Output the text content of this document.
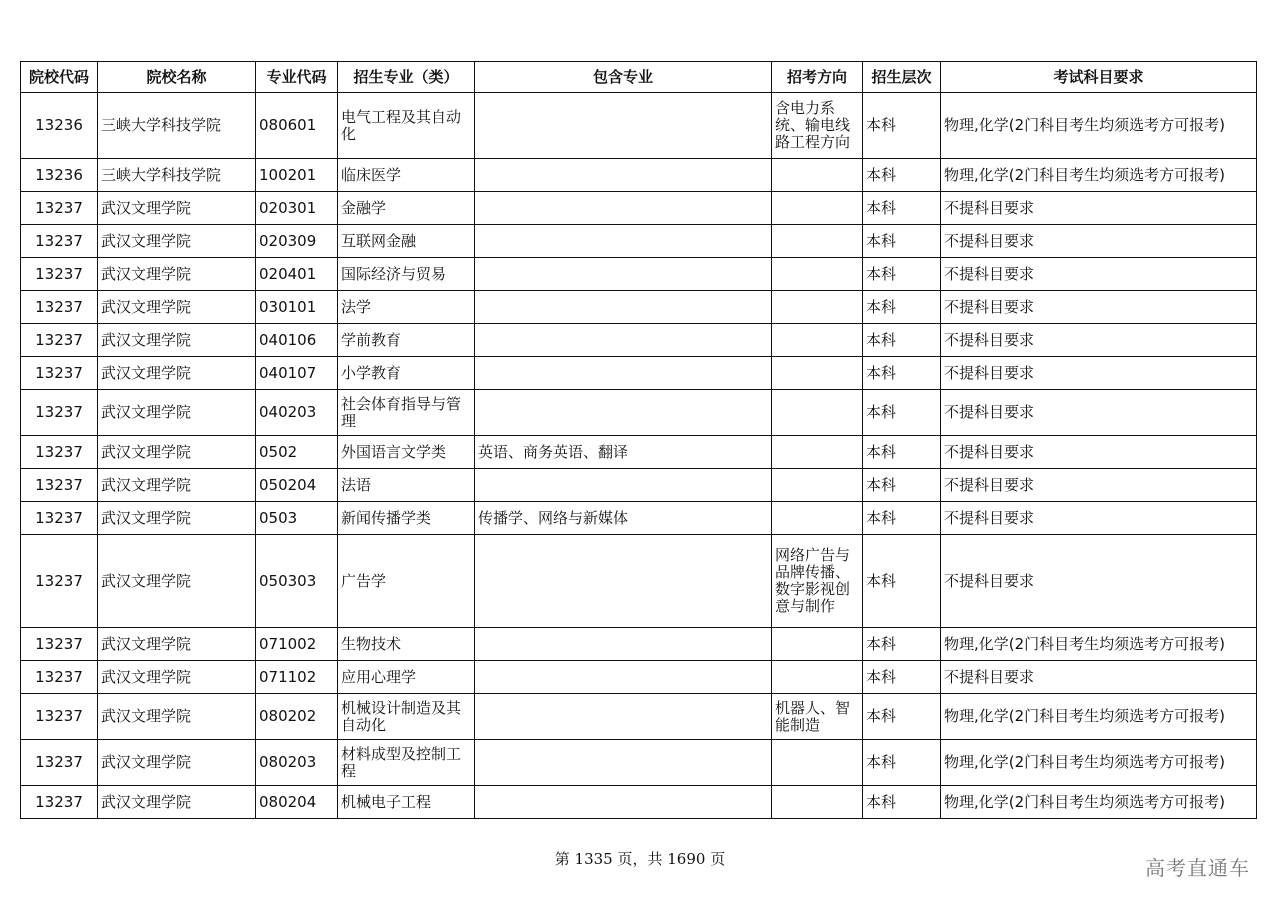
院校代码	院校名称	专业代码	招生专业（类）	包含专业	招考方向	招生层次	考试科目要求
13236	三峡大学科技学院	080601	电气工程及其自动化		含电力系统、输电线路工程方向	本科	物理,化学(2门科目考生均须选考方可报考)
13236	三峡大学科技学院	100201	临床医学			本科	物理,化学(2门科目考生均须选考方可报考)
13237	武汉文理学院	020301	金融学			本科	不提科目要求
13237	武汉文理学院	020309	互联网金融			本科	不提科目要求
13237	武汉文理学院	020401	国际经济与贸易			本科	不提科目要求
13237	武汉文理学院	030101	法学			本科	不提科目要求
13237	武汉文理学院	040106	学前教育			本科	不提科目要求
13237	武汉文理学院	040107	小学教育			本科	不提科目要求
13237	武汉文理学院	040203	社会体育指导与管理			本科	不提科目要求
13237	武汉文理学院	0502	外国语言文学类	英语、商务英语、翻译		本科	不提科目要求
13237	武汉文理学院	050204	法语			本科	不提科目要求
13237	武汉文理学院	0503	新闻传播学类	传播学、网络与新媒体		本科	不提科目要求
13237	武汉文理学院	050303	广告学		网络广告与品牌传播、数字影视创意与制作	本科	不提科目要求
13237	武汉文理学院	071002	生物技术			本科	物理,化学(2门科目考生均须选考方可报考)
13237	武汉文理学院	071102	应用心理学			本科	不提科目要求
13237	武汉文理学院	080202	机械设计制造及其自动化		机器人、智能制造	本科	物理,化学(2门科目考生均须选考方可报考)
13237	武汉文理学院	080203	材料成型及控制工程			本科	物理,化学(2门科目考生均须选考方可报考)
13237	武汉文理学院	080204	机械电子工程			本科	物理,化学(2门科目考生均须选考方可报考)
第 1335 页，共 1690 页	高考直通车
